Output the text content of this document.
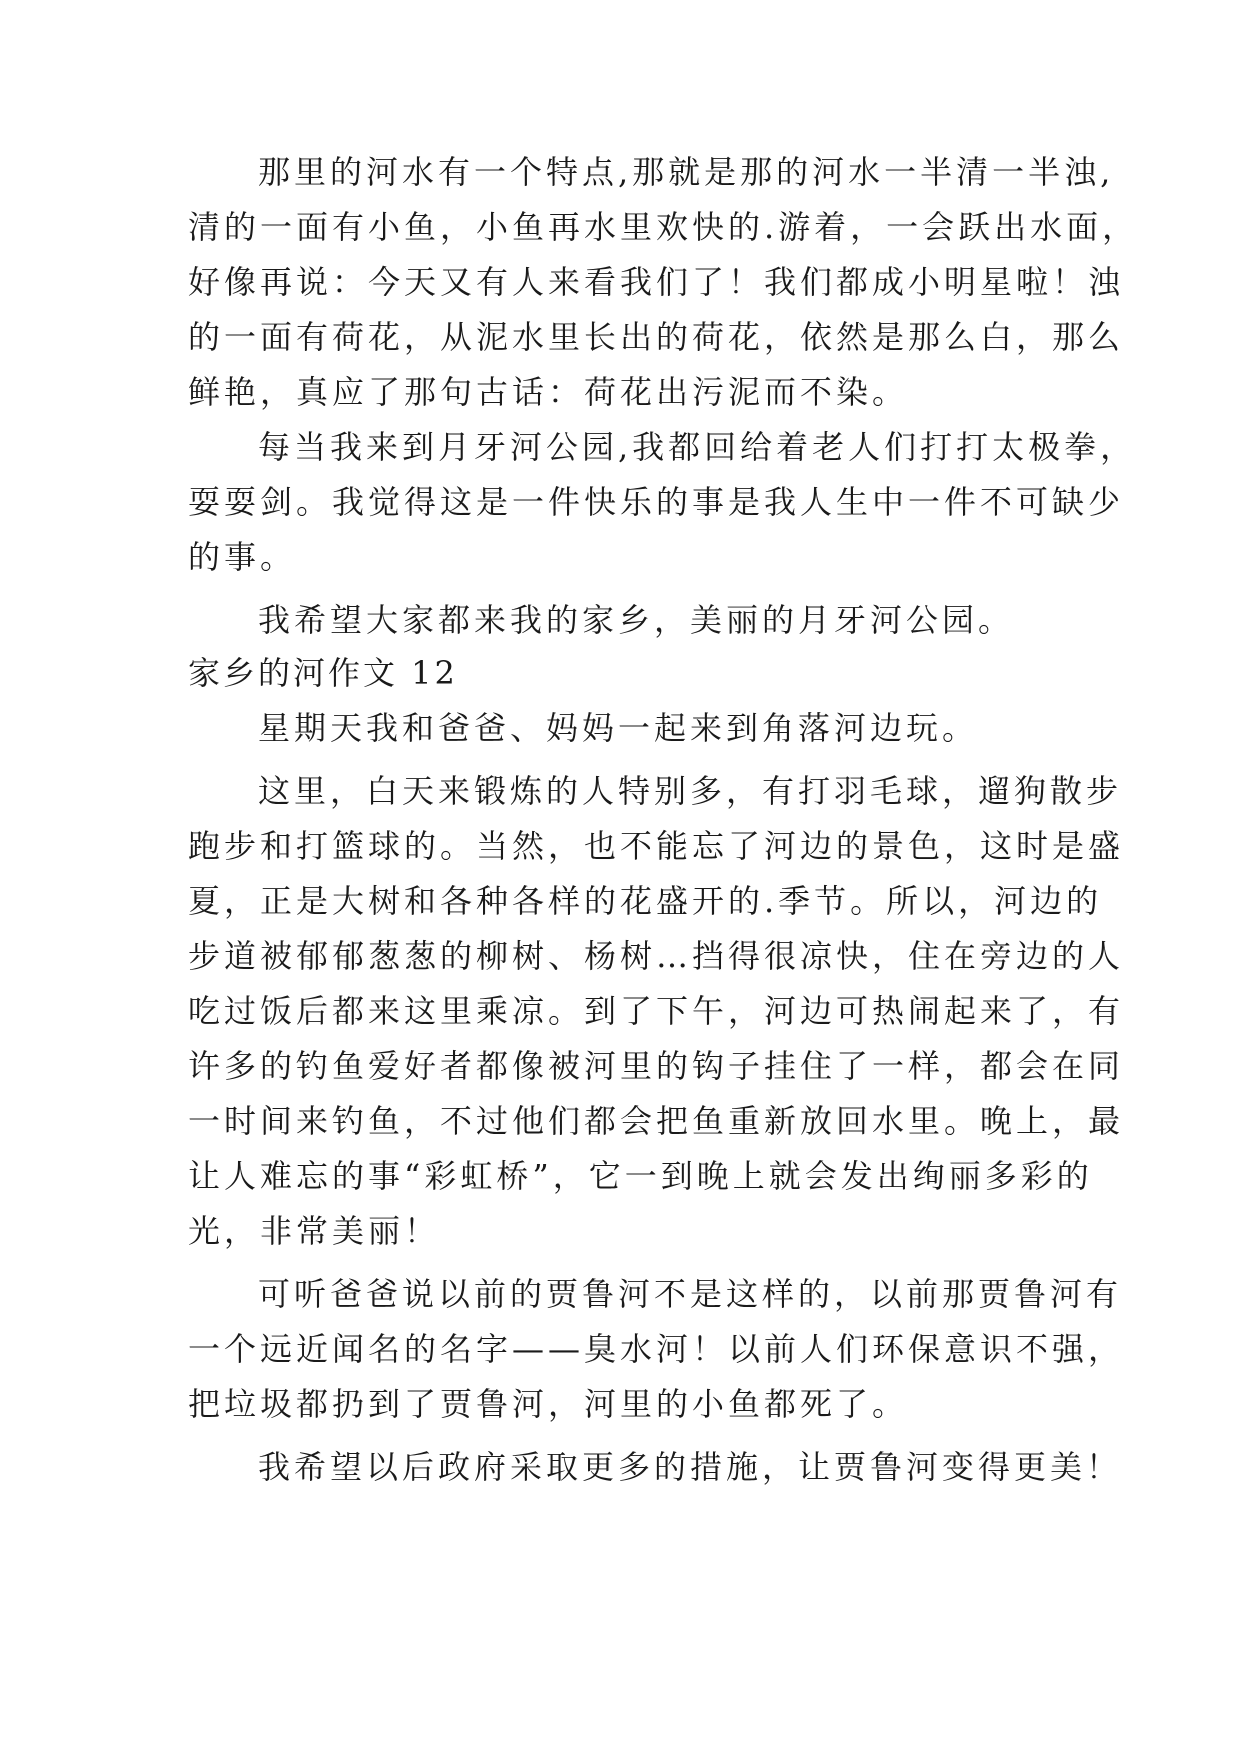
那里的河水有一个特点,那就是那的河水一半清一半浊,
清的一面有小鱼，小鱼再水里欢快的.游着，一会跃出水面，
好像再说：今天又有人来看我们了！我们都成小明星啦！浊
的一面有荷花，从泥水里长出的荷花，依然是那么白，那么
鲜艳，真应了那句古话：荷花出污泥而不染。
每当我来到月牙河公园,我都回给着老人们打打太极拳，
耍耍剑。我觉得这是一件快乐的事是我人生中一件不可缺少
的事。
我希望大家都来我的家乡，美丽的月牙河公园。
家乡的河作文 12
星期天我和爸爸、妈妈一起来到角落河边玩。
这里，白天来锻炼的人特别多，有打羽毛球，遛狗散步
跑步和打篮球的。当然，也不能忘了河边的景色，这时是盛
夏，正是大树和各种各样的花盛开的.季节。所以，河边的
步道被郁郁葱葱的柳树、杨树…挡得很凉快，住在旁边的人
吃过饭后都来这里乘凉。到了下午，河边可热闹起来了，有
许多的钓鱼爱好者都像被河里的钩子挂住了一样，都会在同
一时间来钓鱼，不过他们都会把鱼重新放回水里。晚上，最
让人难忘的事“彩虹桥”，它一到晚上就会发出绚丽多彩的
光，非常美丽！
可听爸爸说以前的贾鲁河不是这样的，以前那贾鲁河有
一个远近闻名的名字——臭水河！以前人们环保意识不强，
把垃圾都扔到了贾鲁河，河里的小鱼都死了。
我希望以后政府采取更多的措施，让贾鲁河变得更美！
